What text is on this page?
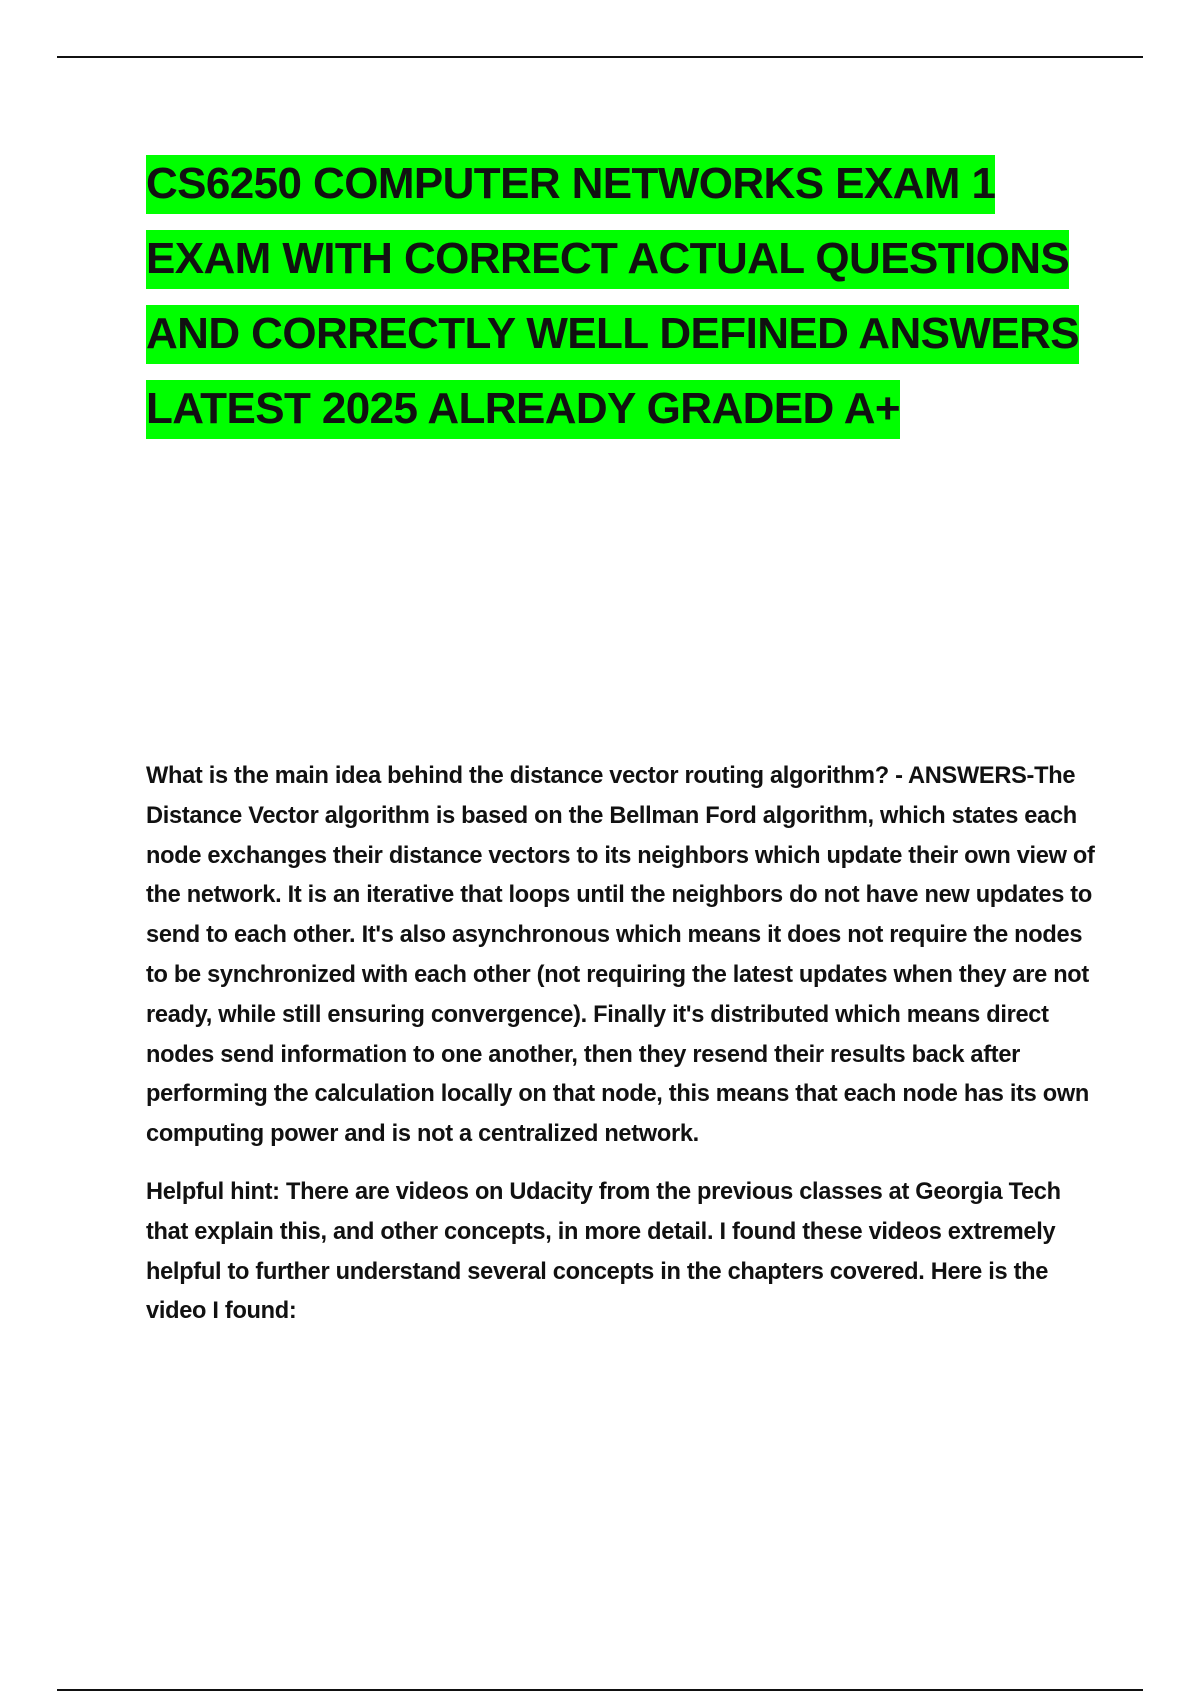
CS6250 COMPUTER NETWORKS EXAM 1
EXAM WITH CORRECT ACTUAL QUESTIONS
AND CORRECTLY WELL DEFINED ANSWERS
LATEST 2025 ALREADY GRADED A+

What is the main idea behind the distance vector routing algorithm? - ANSWERS-The Distance Vector algorithm is based on the Bellman Ford algorithm, which states each node exchanges their distance vectors to its neighbors which update their own view of the network. It is an iterative that loops until the neighbors do not have new updates to send to each other. It's also asynchronous which means it does not require the nodes to be synchronized with each other (not requiring the latest updates when they are not ready, while still ensuring convergence). Finally it's distributed which means direct nodes send information to one another, then they resend their results back after performing the calculation locally on that node, this means that each node has its own computing power and is not a centralized network.

Helpful hint: There are videos on Udacity from the previous classes at Georgia Tech that explain this, and other concepts, in more detail. I found these videos extremely helpful to further understand several concepts in the chapters covered. Here is the video I found:
